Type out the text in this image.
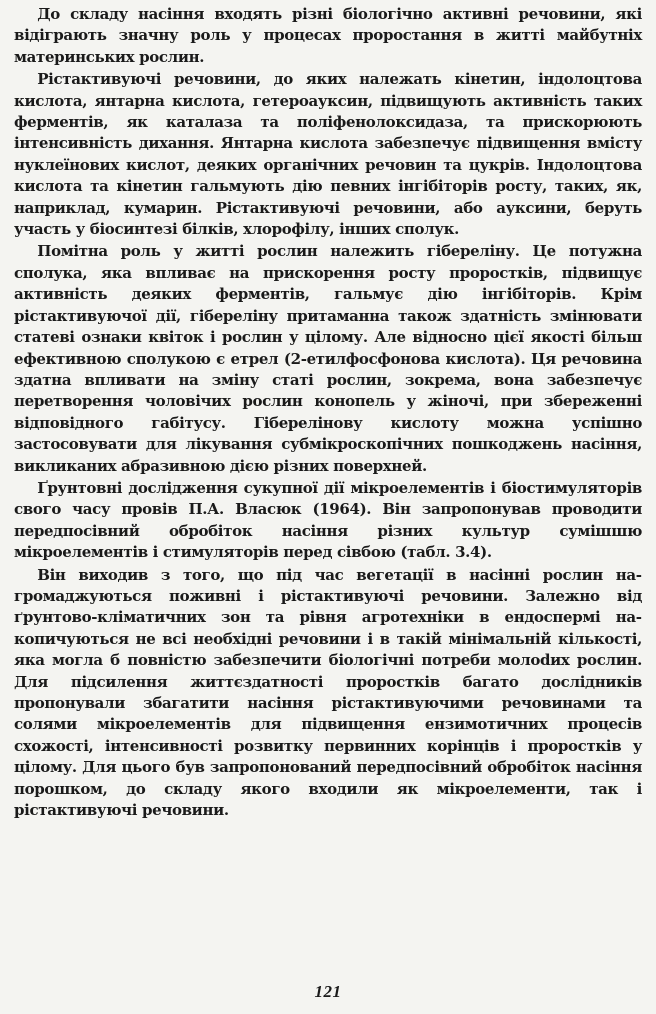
До складу насіння входять різні біологічно активні речовини, які відіграють значну роль у процесах проростання в житті майбутніх материнських рослин.

Рістактивуючі речовини, до яких належать кінетин, індолоцтова кислота, янтарна кислота, гетероауксин, підвищують активність таких ферментів, як каталаза та поліфенолоксидаза, та прискорюють інтенсивність дихання. Янтарна кислота забезпечує підвищення вмісту нуклеїнових кислот, деяких органічних речовин та цукрів. Індолоцтова кислота та кінетин гальмують дію певних інгібіторів росту, таких, як, наприклад, кумарин. Рістактивуючі речовини, або ауксини, беруть участь у біосинтезі білків, хлорофілу, інших сполук.

Помітна роль у житті рослин належить гібереліну. Це потужна сполука, яка впливає на прискорення росту проростків, підвищує активність деяких ферментів, гальмує дію інгібіторів. Крім рістактивуючої дії, гібереліну притаманна також здатність змінювати статеві ознаки квіток і рослин у цілому. Але відносно цієї якості більш ефективною сполукою є етрел (2-етилфосфонова кислота). Ця речовина здатна впливати на зміну статі рослин, зокрема, вона забезпечує перетворення чоловічих рослин конопель у жіночі, при збереженні відповідного габітусу. Гіберелінову кислоту можна успішно застосовувати для лікування субмікроскопічних пошкоджень насіння, викликаних абразивною дією різних поверхней.

Ґрунтовні дослідження сукупної дії мікроелементів і біостимуляторів свого часу провів П.А. Власюк (1964). Він запропонував проводити передпосівний обробіток насіння різних культур сумішшю мікроелементів і стимуляторів перед сівбою (табл. 3.4).

Він виходив з того, що під час вегетації в насінні рослин нагромаджуються поживні і рістактивуючі речовини. Залежно від ґрунтово-кліматичних зон та рівня агротехніки в ендоспермі накопичуються не всі необхідні речовини і в такій мінімальній кількості, яка могла б повністю забезпечити біологічні потреби молоdих рослин. Для підсилення життєздатності проростків багато дослідників пропонували збагатити насіння рістактивуючими речовинами та солями мікроелементів для підвищення ензимотичних процесів схожості, інтенсивності розвитку первинних корінців і проростків у цілому. Для цього був запропонований передпосівний обробіток насіння порошком, до складу якого входили як мікроелементи, так і рістактивуючі речовини.

121
